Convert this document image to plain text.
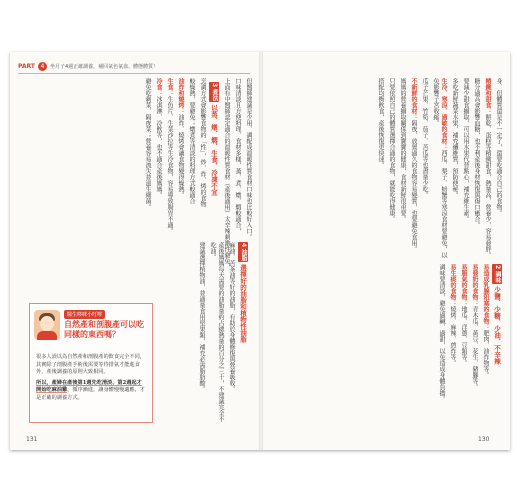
PART 4	坐月子4週正確調養，補回氣色氣血、體態體質！

但醫師建議是少用、調配成溫暖性質食材口味也比較好入口。

口味清淡且方便料理、食材多樣，蒸、煮、燉、燜較適合，

上面有中醫師認定適合的溫暖性質食材（產後適用）太辛辣刺激性避免，

3 煮法 以蒸、燉、燜、生食、冷凍不宜

烹調方式會影響食物的「性」，炒、炸、烤的食物

較燥熱，要避免；燉煮等清淡的料理方式較適合

油炸和燒烤：油炸、燒烤會讓食物變得燥熱。

生食：生魚片、生菜沙拉等生冷食物，容易導致腸胃不適。

冷食：冰淇淋、冷飲等，也不適合產後媽媽。

避免吃剩菜、隔夜菜；營養容易流失並滋生細菌。

4 油脂 選擇好的油脂和植物性油脂

麻油、苦茶油等好的油脂，有助於身體修復與營養吸收。

產後媽媽每天需要的油脂量約占總熱量的百分之三十，不建議完全不吃油。

建議選擇植物油，並適量食用堅果類，補充必需脂肪酸。

醫生哆咪小叮嚀
自然產和剖腹產可以吃同樣的東西嗎？

很多人誤以為自然產和剖腹產的飲食完全不同，其實除了剖腹產手術後需要等待排氣才能進食外，產後調養的原則大致相同。

所以，產婦在產後第1週先吃清淡、第2週起才開始吃麻油雞，循序漸進，讓身體慢慢適應，才是正確的調養方式。

131

身、但體質還是不一定了，還要吃適合自己的食物。

精緻和甜食：餅乾、蛋糕等精緻甜食，熱量高、營養少，容易發胖。

糖分過高會影響血糖，也不利產後身材恢復與傷口癒合。

要減少甜食攝取，可以用水果代替點心，補充維生素。

多吃新鮮蔬菜水果，補充纖維質，預防便秘。

生冷、寒涼、過敏的食材：西瓜、梨子、螃蟹等寒涼食材要避免，以免影響子宮收縮。

瓜子芒果、竹筍、茄子、苦瓜等也盡量少吃。

不新鮮的食材：隔夜、放置過久的食物容易變質，也要避免食用。

媽媽的營養攝取關係到寶寶的健康，食材新鮮很重要。

只要依照自己的體質選擇合適的食物，就能吃得健康。

搭配均衡飲食，產後恢復更快速。

2 調味 少鹽、少糖、少油、不辛辣

易造成乳腺阻塞的食物：肥肉、油炸物等。

易發奶的食物：青木瓜、黃豆、花生、豬腳等。

易脹氣的食物：地瓜、洋蔥、豆類等。

易生痰的食物：燒烤、麻辣、煎炸等。

調味要清淡，避免過鹹、過甜，以免造成身體負擔。

130
